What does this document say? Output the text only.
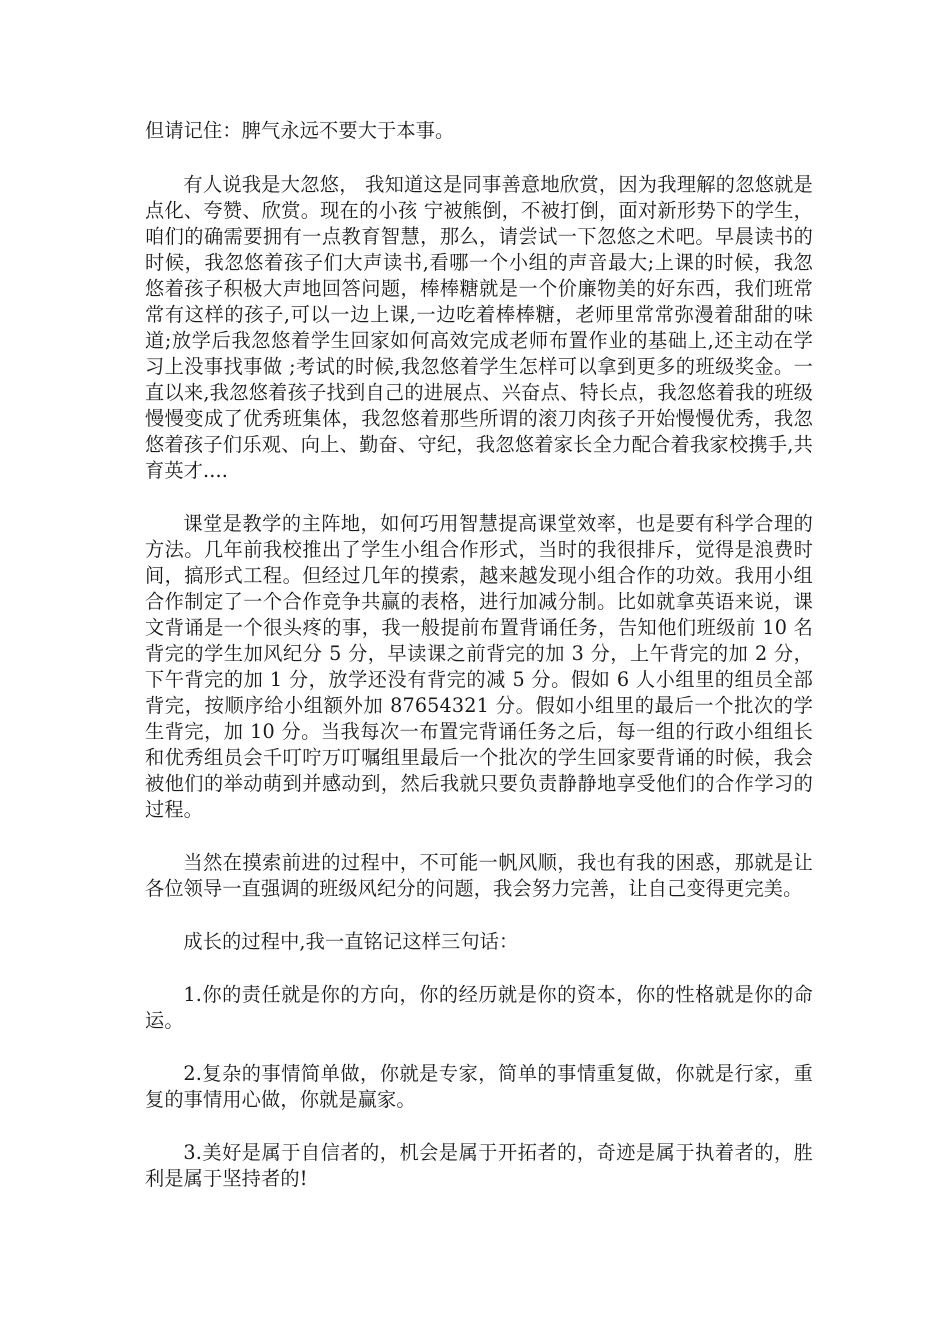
但请记住：脾气永远不要大于本事。

有人说我是大忽悠， 我知道这是同事善意地欣赏，因为我理解的忽悠就是点化、夸赞、欣赏。现在的小孩 宁被熊倒，不被打倒，面对新形势下的学生，咱们的确需要拥有一点教育智慧，那么，请尝试一下忽悠之术吧。早晨读书的时候，我忽悠着孩子们大声读书,看哪一个小组的声音最大;上课的时候，我忽悠着孩子积极大声地回答问题，棒棒糖就是一个价廉物美的好东西，我们班常常有这样的孩子,可以一边上课,一边吃着棒棒糖，老师里常常弥漫着甜甜的味道;放学后我忽悠着学生回家如何高效完成老师布置作业的基础上,还主动在学习上没事找事做 ;考试的时候,我忽悠着学生怎样可以拿到更多的班级奖金。一直以来,我忽悠着孩子找到自己的进展点、兴奋点、特长点，我忽悠着我的班级慢慢变成了优秀班集体，我忽悠着那些所谓的滚刀肉孩子开始慢慢优秀，我忽悠着孩子们乐观、向上、勤奋、守纪，我忽悠着家长全力配合着我家校携手,共育英才....

课堂是教学的主阵地，如何巧用智慧提高课堂效率，也是要有科学合理的方法。几年前我校推出了学生小组合作形式，当时的我很排斥，觉得是浪费时间，搞形式工程。但经过几年的摸索，越来越发现小组合作的功效。我用小组合作制定了一个合作竞争共赢的表格，进行加减分制。比如就拿英语来说，课文背诵是一个很头疼的事，我一般提前布置背诵任务，告知他们班级前 10 名背完的学生加风纪分 5 分，早读课之前背完的加 3 分，上午背完的加 2 分，下午背完的加 1 分，放学还没有背完的减 5 分。假如 6 人小组里的组员全部背完，按顺序给小组额外加 87654321 分。假如小组里的最后一个批次的学生背完，加 10 分。当我每次一布置完背诵任务之后，每一组的行政小组组长和优秀组员会千叮咛万叮嘱组里最后一个批次的学生回家要背诵的时候，我会被他们的举动萌到并感动到，然后我就只要负责静静地享受他们的合作学习的过程。

当然在摸索前进的过程中，不可能一帆风顺，我也有我的困惑，那就是让各位领导一直强调的班级风纪分的问题，我会努力完善，让自己变得更完美。

成长的过程中,我一直铭记这样三句话：

1.你的责任就是你的方向，你的经历就是你的资本，你的性格就是你的命运。

2.复杂的事情简单做，你就是专家，简单的事情重复做，你就是行家，重复的事情用心做，你就是赢家。

3.美好是属于自信者的，机会是属于开拓者的，奇迹是属于执着者的，胜利是属于坚持者的!
